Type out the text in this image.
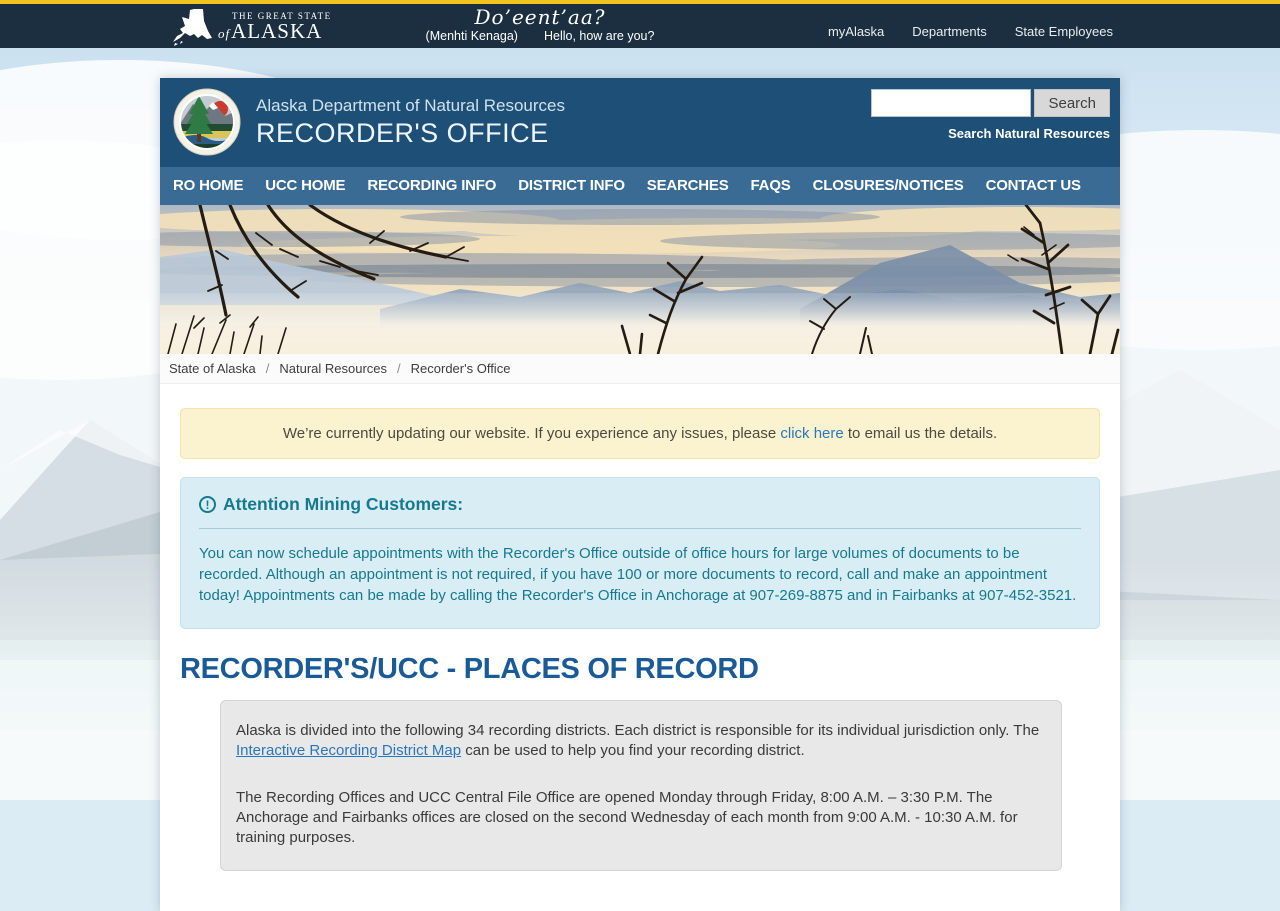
THE GREAT STATE
ofALASKA
Do’eent’aa?
(Menhti Kenaga) Hello, how are you?	myAlaska Departments State Employees
Alaska Department of Natural Resources
RECORDER'S OFFICE
Search
Search Natural Resources
RO HOME	UCC HOME	RECORDING INFO	DISTRICT INFO	SEARCHES	FAQS	CLOSURES/NOTICES	CONTACT US
State of Alaska / Natural Resources / Recorder's Office
We’re currently updating our website. If you experience any issues, please click here to email us the details.
! Attention Mining Customers:
You can now schedule appointments with the Recorder's Office outside of office hours for large volumes of documents to be recorded. Although an appointment is not required, if you have 100 or more documents to record, call and make an appointment today! Appointments can be made by calling the Recorder's Office in Anchorage at 907-269-8875 and in Fairbanks at 907-452-3521.
RECORDER'S/UCC - PLACES OF RECORD

Alaska is divided into the following 34 recording districts. Each district is responsible for its individual jurisdiction only. The Interactive Recording District Map can be used to help you find your recording district.

The Recording Offices and UCC Central File Office are opened Monday through Friday, 8:00 A.M. – 3:30 P.M. The Anchorage and Fairbanks offices are closed on the second Wednesday of each month from 9:00 A.M. - 10:30 A.M. for training purposes.
